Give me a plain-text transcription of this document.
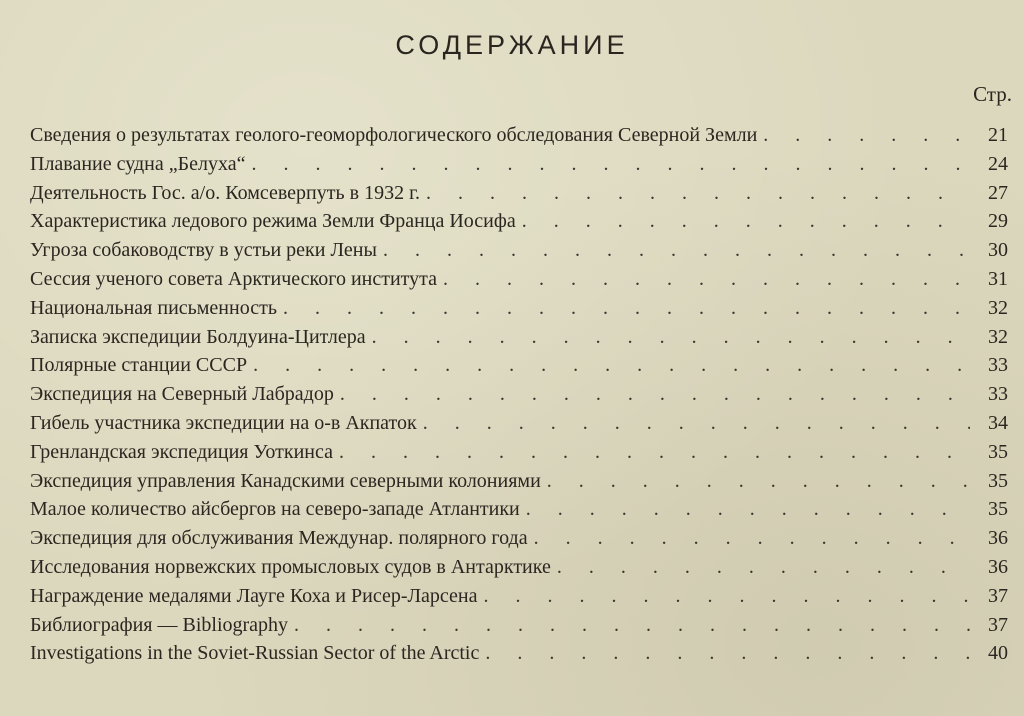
СОДЕРЖАНИЕ
Стр.
Сведения о результатах геолого-геоморфологического обследования Северной Земли . . .	21
Плавание судна „Белуха“ . . .	24
Деятельность Гос. а/о. Комсеверпуть в 1932 г. . . .	27
Характеристика ледового режима Земли Франца Иосифа . . .	29
Угроза собаководству в устьи реки Лены . . .	30
Сессия ученого совета Арктического института . . .	31
Национальная письменность . . .	32
Записка экспедиции Болдуина-Цитлера . . .	32
Полярные станции СССР . . .	33
Экспедиция на Северный Лабрадор . . .	33
Гибель участника экспедиции на о-в Акпаток . . .	34
Гренландская экспедиция Уоткинса . . .	35
Экспедиция управления Канадскими северными колониями . . .	35
Малое количество айсбергов на северо-западе Атлантики . . .	35
Экспедиция для обслуживания Междунар. полярного года . . .	36
Исследования норвежских промысловых судов в Антарктике . . .	36
Награждение медалями Лауге Коха и Рисер-Ларсена . . .	37
Библиография — Bibliography . . .	37
Investigations in the Soviet-Russian Sector of the Arctic . . .	40
